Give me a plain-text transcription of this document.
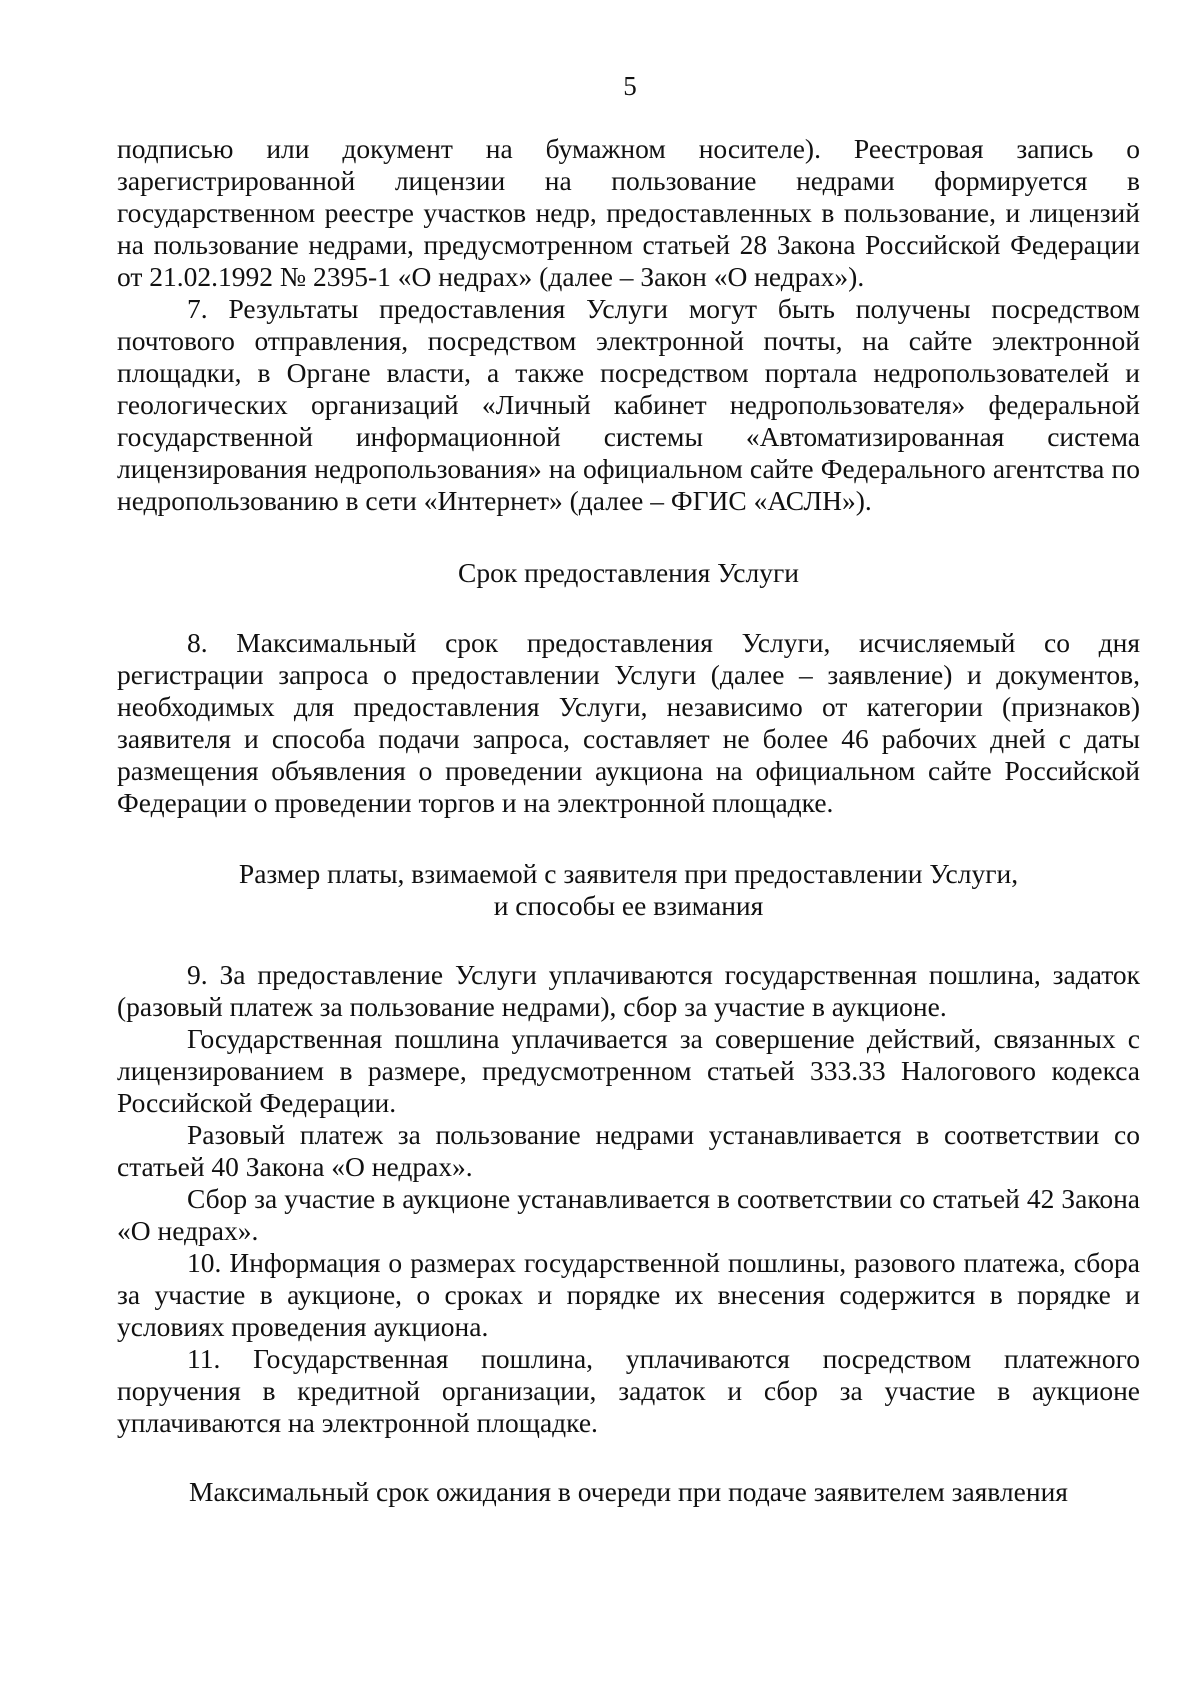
5

подписью или документ на бумажном носителе). Реестровая запись о зарегистрированной лицензии на пользование недрами формируется в государственном реестре участков недр, предоставленных в пользование, и лицензий на пользование недрами, предусмотренном статьей 28 Закона Российской Федерации от 21.02.1992 № 2395-1 «О недрах» (далее – Закон «О недрах»).

7. Результаты предоставления Услуги могут быть получены посредством почтового отправления, посредством электронной почты, на сайте электронной площадки, в Органе власти, а также посредством портала недропользователей и геологических организаций «Личный кабинет недропользователя» федеральной государственной информационной системы «Автоматизированная система лицензирования недропользования» на официальном сайте Федерального агентства по недропользованию в сети «Интернет» (далее – ФГИС «АСЛН»).

Срок предоставления Услуги

8. Максимальный срок предоставления Услуги, исчисляемый со дня регистрации запроса о предоставлении Услуги (далее – заявление) и документов, необходимых для предоставления Услуги, независимо от категории (признаков) заявителя и способа подачи запроса, составляет не более 46 рабочих дней с даты размещения объявления о проведении аукциона на официальном сайте Российской Федерации о проведении торгов и на электронной площадке.

Размер платы, взимаемой с заявителя при предоставлении Услуги,

и способы ее взимания

9. За предоставление Услуги уплачиваются государственная пошлина, задаток (разовый платеж за пользование недрами), сбор за участие в аукционе.

Государственная пошлина уплачивается за совершение действий, связанных с лицензированием в размере, предусмотренном статьей 333.33 Налогового кодекса Российской Федерации.

Разовый платеж за пользование недрами устанавливается в соответствии со статьей 40 Закона «О недрах».

Сбор за участие в аукционе устанавливается в соответствии со статьей 42 Закона «О недрах».

10. Информация о размерах государственной пошлины, разового платежа, сбора за участие в аукционе, о сроках и порядке их внесения содержится в порядке и условиях проведения аукциона.

11. Государственная пошлина, уплачиваются посредством платежного поручения в кредитной организации, задаток и сбор за участие в аукционе уплачиваются на электронной площадке.

Максимальный срок ожидания в очереди при подаче заявителем заявления
